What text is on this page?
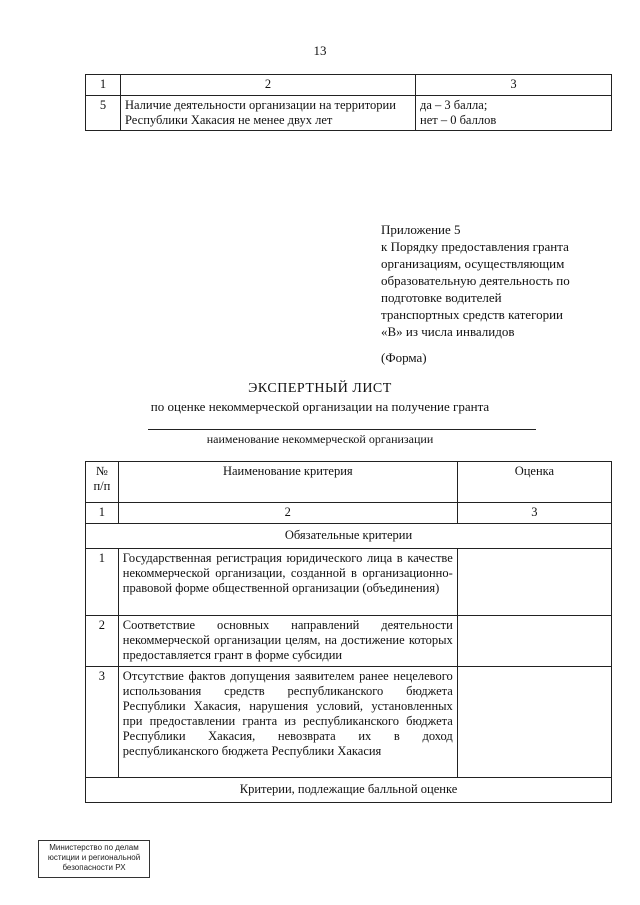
13
1	2	3
5	Наличие деятельности организации на территории Республики Хакасия не менее двух лет	да – 3 балла;
нет – 0 баллов
Приложение 5
к Порядку предоставления гранта
организациям, осуществляющим
образовательную деятельность по
подготовке водителей
транспортных средств категории
«В» из числа инвалидов
(Форма)
ЭКСПЕРТНЫЙ ЛИСТ
по оценке некоммерческой организации на получение гранта
наименование некоммерческой организации
№ п/п	Наименование критерия	Оценка
1	2	3
Обязательные критерии		
1	Государственная регистрация юридического лица в качестве некоммерческой организации, созданной в организационно-правовой форме общественной организации (объединения)	
2	Соответствие основных направлений деятельности некоммерческой организации целям, на достижение которых предоставляется грант в форме субсидии	
3	Отсутствие фактов допущения заявителем ранее нецелевого использования средств республиканского бюджета Республики Хакасия, нарушения условий, установленных при предоставлении гранта из республиканского бюджета Республики Хакасия, невозврата их в доход республиканского бюджета Республики Хакасия	
Критерии, подлежащие балльной оценке		
Министерство по делам
юстиции и региональной
безопасности РХ
